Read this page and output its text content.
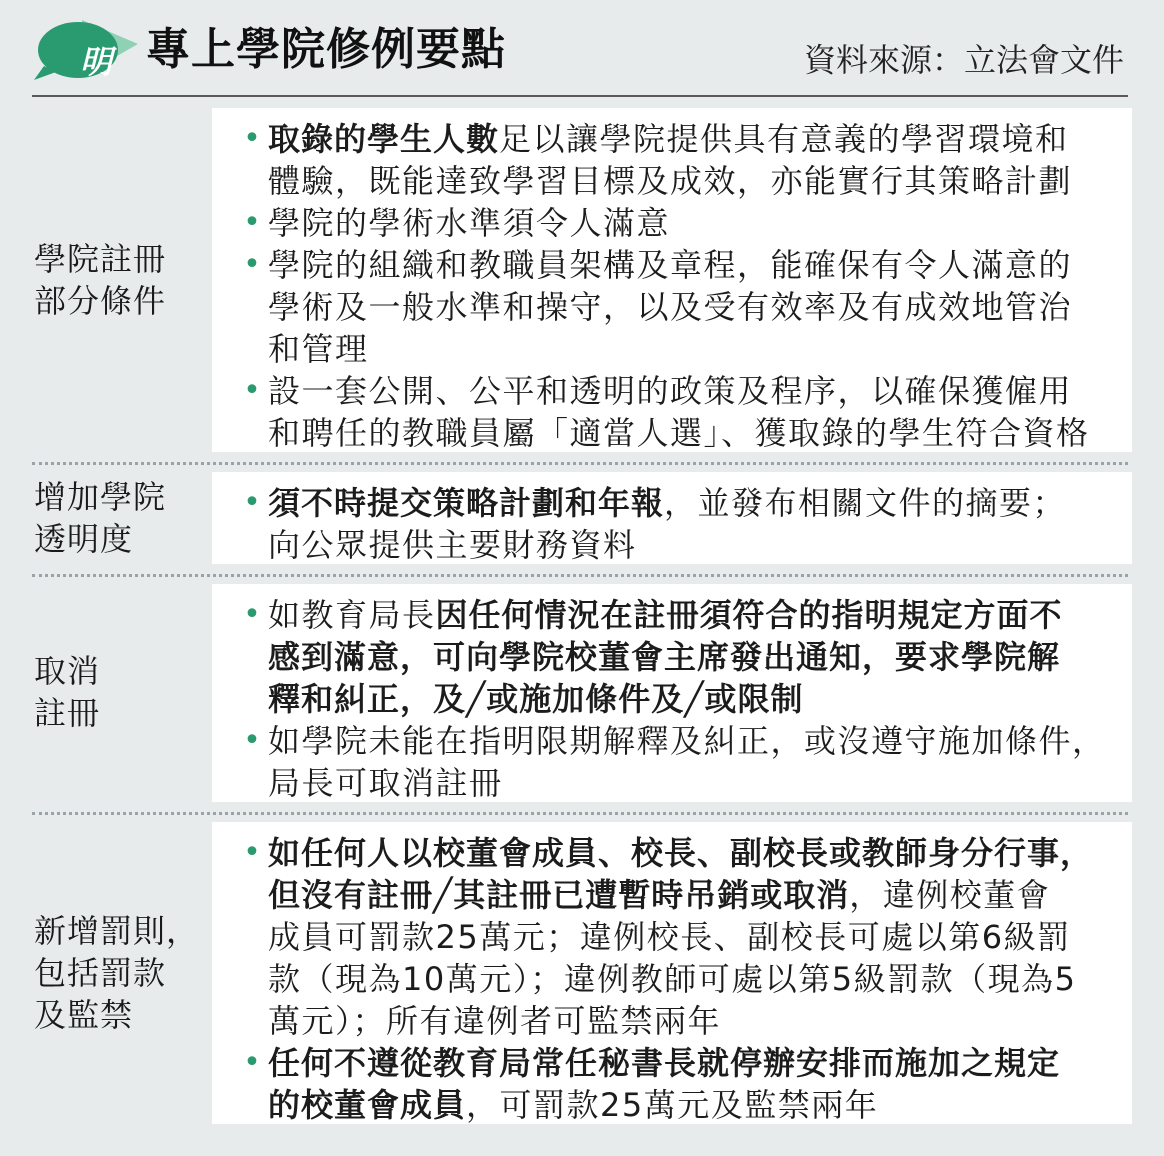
明 專上學院修例要點	資料來源：立法會文件
學院註冊
部分條件
• 取錄的學生人數足以讓學院提供具有意義的學習環境和
體驗，既能達致學習目標及成效，亦能實行其策略計劃
• 學院的學術水準須令人滿意
• 學院的組織和教職員架構及章程，能確保有令人滿意的
學術及一般水準和操守，以及受有效率及有成效地管治
和管理
• 設一套公開、公平和透明的政策及程序，以確保獲僱用
和聘任的教職員屬「適當人選」、獲取錄的學生符合資格
增加學院
透明度
• 須不時提交策略計劃和年報，並發布相關文件的摘要；
向公眾提供主要財務資料
取消
註冊
• 如教育局長因任何情況在註冊須符合的指明規定方面不
感到滿意，可向學院校董會主席發出通知，要求學院解
釋和糾正，及╱或施加條件及╱或限制
• 如學院未能在指明限期解釋及糾正，或沒遵守施加條件，
局長可取消註冊
新增罰則，
包括罰款
及監禁
• 如任何人以校董會成員、校長、副校長或教師身分行事，
但沒有註冊╱其註冊已遭暫時吊銷或取消，違例校董會
成員可罰款25萬元；違例校長、副校長可處以第6級罰
款（現為10萬元）；違例教師可處以第5級罰款（現為5
萬元）；所有違例者可監禁兩年
• 任何不遵從教育局常任秘書長就停辦安排而施加之規定
的校董會成員，可罰款25萬元及監禁兩年
